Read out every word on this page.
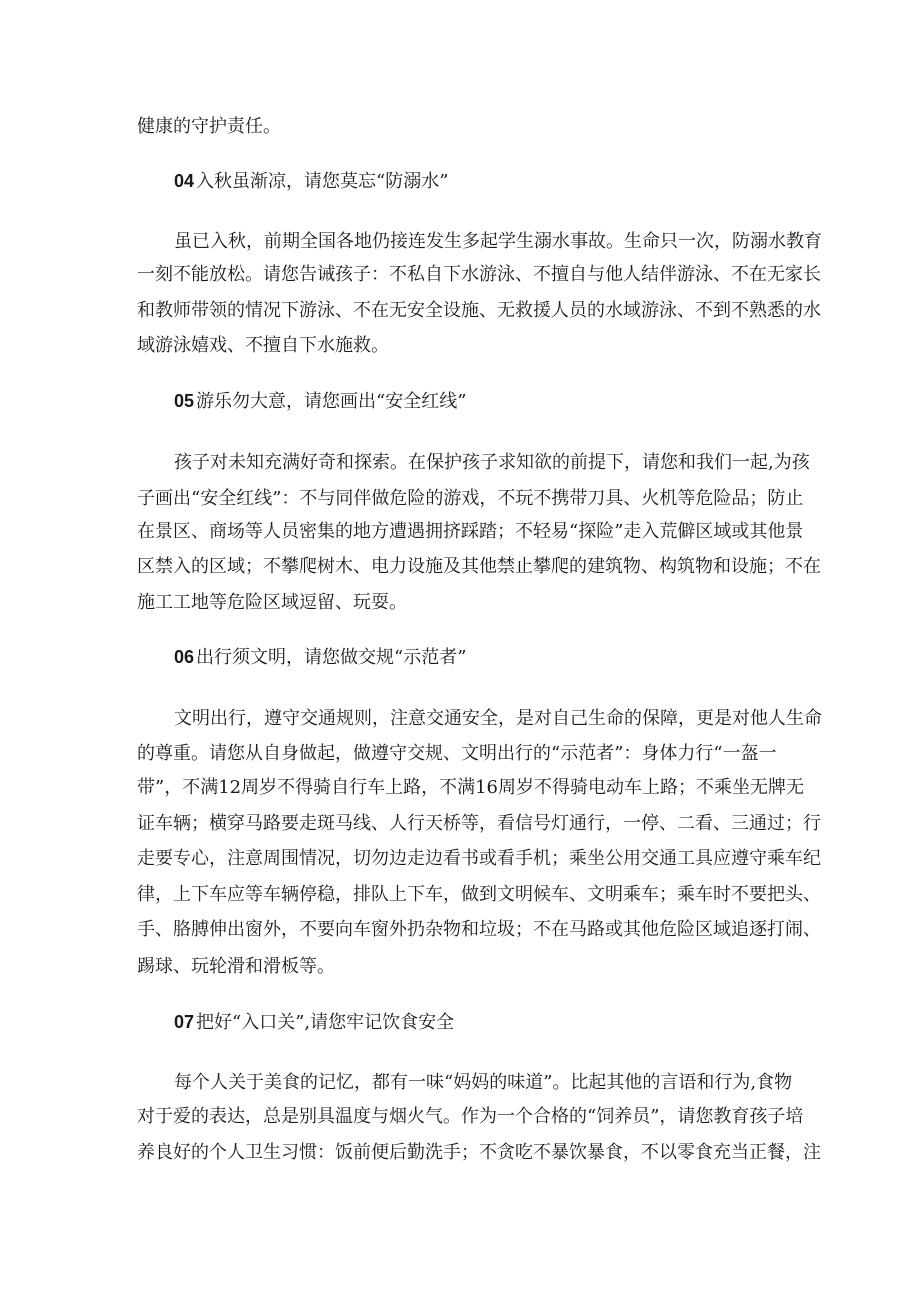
健康的守护责任。
04 入秋虽渐凉，请您莫忘“防溺水”
虽已入秋，前期全国各地仍接连发生多起学生溺水事故。生命只一次，防溺水教育
一刻不能放松。请您告诫孩子：不私自下水游泳、不擅自与他人结伴游泳、不在无家长
和教师带领的情况下游泳、不在无安全设施、无救援人员的水域游泳、不到不熟悉的水
域游泳嬉戏、不擅自下水施救。
05 游乐勿大意，请您画出“安全红线”
孩子对未知充满好奇和探索。在保护孩子求知欲的前提下，请您和我们一起,为孩
子画出“安全红线”：不与同伴做危险的游戏，不玩不携带刀具、火机等危险品；防止
在景区、商场等人员密集的地方遭遇拥挤踩踏；不轻易“探险”走入荒僻区域或其他景
区禁入的区域；不攀爬树木、电力设施及其他禁止攀爬的建筑物、构筑物和设施；不在
施工工地等危险区域逗留、玩耍。
06 出行须文明，请您做交规“示范者”
文明出行，遵守交通规则，注意交通安全，是对自己生命的保障，更是对他人生命
的尊重。请您从自身做起，做遵守交规、文明出行的“示范者”：身体力行“一盔一
带”，不满12周岁不得骑自行车上路，不满16周岁不得骑电动车上路；不乘坐无牌无
证车辆；横穿马路要走斑马线、人行天桥等，看信号灯通行，一停、二看、三通过；行
走要专心，注意周围情况，切勿边走边看书或看手机；乘坐公用交通工具应遵守乘车纪
律，上下车应等车辆停稳，排队上下车，做到文明候车、文明乘车；乘车时不要把头、
手、胳膊伸出窗外，不要向车窗外扔杂物和垃圾；不在马路或其他危险区域追逐打闹、
踢球、玩轮滑和滑板等。
07 把好“入口关”,请您牢记饮食安全
每个人关于美食的记忆，都有一味“妈妈的味道”。比起其他的言语和行为,食物
对于爱的表达，总是别具温度与烟火气。作为一个合格的“饲养员”，请您教育孩子培
养良好的个人卫生习惯：饭前便后勤洗手；不贪吃不暴饮暴食，不以零食充当正餐，注
